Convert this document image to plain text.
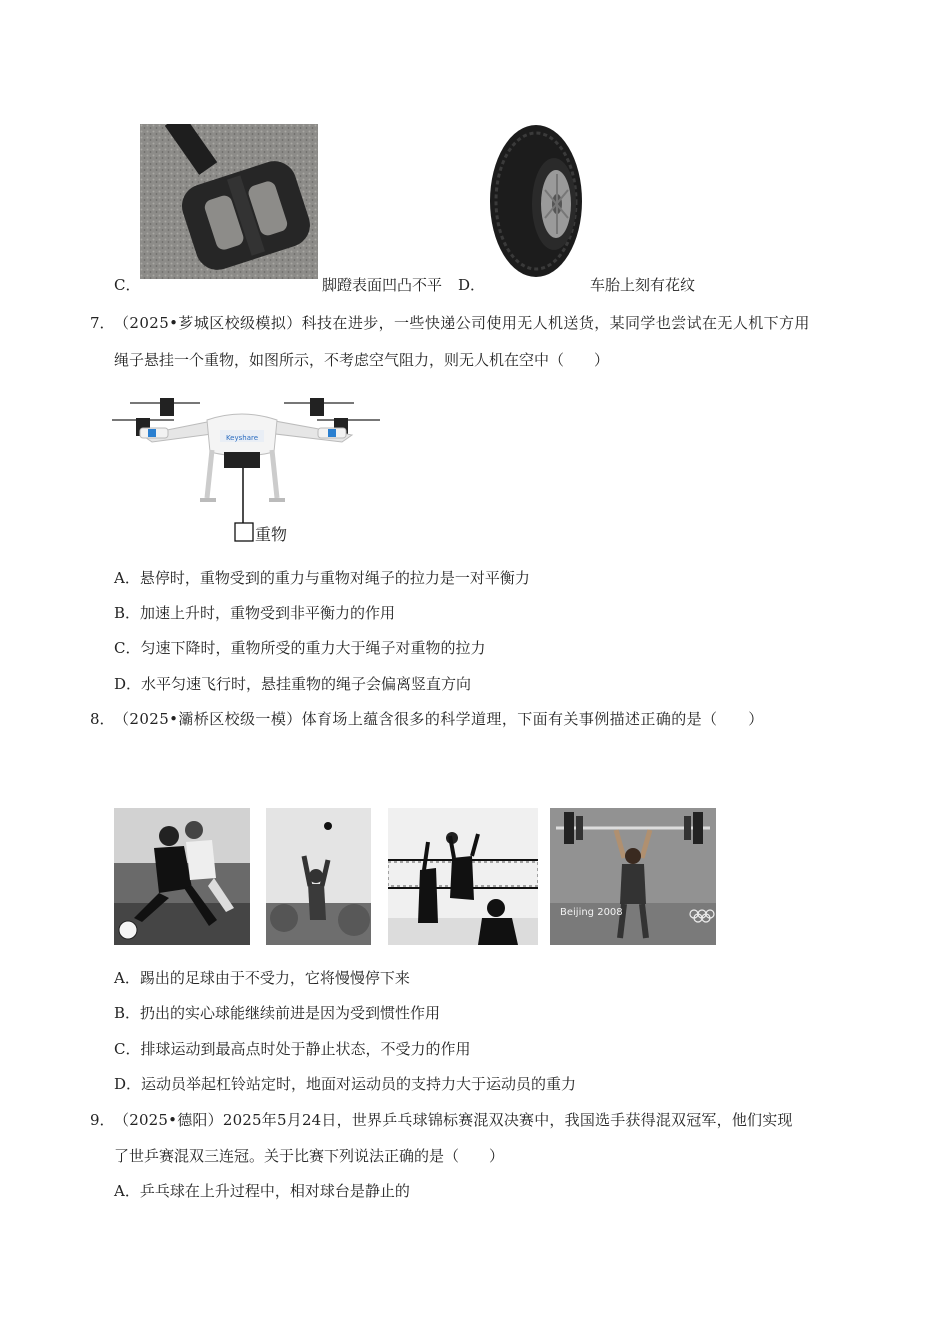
C．	脚蹬表面凹凸不平 D．	车胎上刻有花纹
7． （2025•芗城区校级模拟）科技在进步，一些快递公司使用无人机送货，某同学也尝试在无人机下方用
绳子悬挂一个重物，如图所示，不考虑空气阻力，则无人机在空中（　　）
Keyshare
重物
A．悬停时，重物受到的重力与重物对绳子的拉力是一对平衡力
B．加速上升时，重物受到非平衡力的作用
C．匀速下降时，重物所受的重力大于绳子对重物的拉力
D．水平匀速飞行时，悬挂重物的绳子会偏离竖直方向
8． （2025•灞桥区校级一模）体育场上蕴含很多的科学道理，下面有关事例描述正确的是（　　）
Beijing 2008
A．踢出的足球由于不受力，它将慢慢停下来
B．扔出的实心球能继续前进是因为受到惯性作用
C．排球运动到最高点时处于静止状态，不受力的作用
D．运动员举起杠铃站定时，地面对运动员的支持力大于运动员的重力
9． （2025•德阳）2025年5月24日，世界乒乓球锦标赛混双决赛中，我国选手获得混双冠军，他们实现
了世乒赛混双三连冠。关于比赛下列说法正确的是（　　）
A．乒乓球在上升过程中，相对球台是静止的
